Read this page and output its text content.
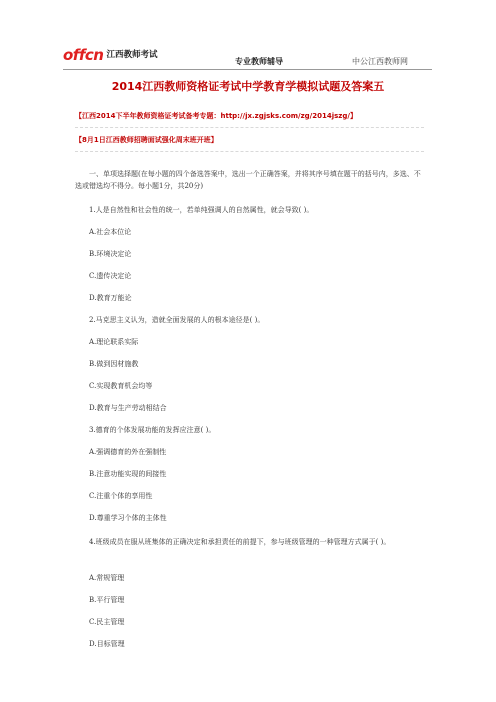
offcn 江西教师考试
专业教师辅导	中公江西教师网
2014江西教师资格证考试中学教育学模拟试题及答案五
【江西2014下半年教师资格证考试备考专题：http://jx.zgjsks.com/zg/2014jszg/】
【8月1日江西教师招聘面试强化周末班开班】
一、单项选择题(在每小题的四个备选答案中，选出一个正确答案，并将其序号填在题干的括号内，多选、不选或错选均不得分。每小题1分，共20分)
1.人是自然性和社会性的统一，若单纯强调人的自然属性，就会导致( )。
A.社会本位论
B.环境决定论
C.遗传决定论
D.教育万能论
2.马克思主义认为，造就全面发展的人的根本途径是( )。
A.理论联系实际
B.做到因材施教
C.实现教育机会均等
D.教育与生产劳动相结合
3.德育的个体发展功能的发挥应注意( )。
A.强调德育的外在强制性
B.注意功能实现的间接性
C.注重个体的享用性
D.尊重学习个体的主体性
4.班级成员在服从班集体的正确决定和承担责任的前提下，参与班级管理的一种管理方式属于( )。
A.常规管理
B.平行管理
C.民主管理
D.目标管理
